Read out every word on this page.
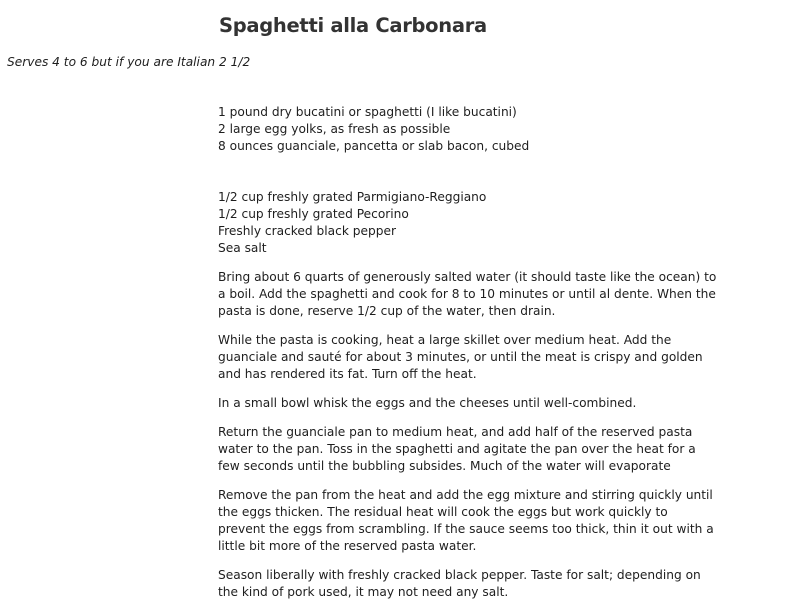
Spaghetti alla Carbonara

Serves 4 to 6 but if you are Italian 2 1/2

1 pound dry bucatini or spaghetti (I like bucatini)
2 large egg yolks, as fresh as possible
8 ounces guanciale, pancetta or slab bacon, cubed
1/2 cup freshly grated Parmigiano-Reggiano
1/2 cup freshly grated Pecorino
Freshly cracked black pepper
Sea salt

Bring about 6 quarts of generously salted water (it should taste like the ocean) to a boil. Add the spaghetti and cook for 8 to 10 minutes or until al dente. When the pasta is done, reserve 1/2 cup of the water, then drain.

While the pasta is cooking, heat a large skillet over medium heat. Add the guanciale and sauté for about 3 minutes, or until the meat is crispy and golden and has rendered its fat. Turn off the heat.

In a small bowl whisk the eggs and the cheeses until well-combined.

Return the guanciale pan to medium heat, and add half of the reserved pasta water to the pan. Toss in the spaghetti and agitate the pan over the heat for a few seconds until the bubbling subsides. Much of the water will evaporate

Remove the pan from the heat and add the egg mixture and stirring quickly until the eggs thicken. The residual heat will cook the eggs but work quickly to prevent the eggs from scrambling. If the sauce seems too thick, thin it out with a little bit more of the reserved pasta water.

Season liberally with freshly cracked black pepper. Taste for salt; depending on the kind of pork used, it may not need any salt.
